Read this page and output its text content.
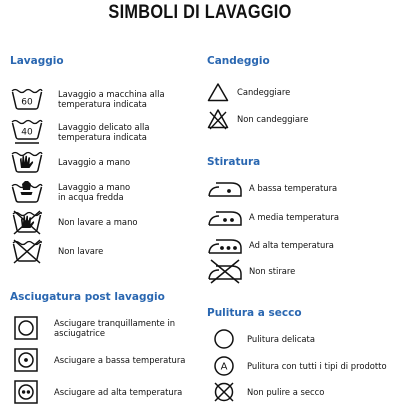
SIMBOLI DI LAVAGGIO
Lavaggio
60
Lavaggio a macchina alla
temperatura indicata
40
Lavaggio delicato alla
temperatura indicata
Lavaggio a mano
Lavaggio a mano
in acqua fredda
Non lavare a mano
Non lavare
Candeggio
Candeggiare
Non candeggiare
Stiratura
A bassa temperatura
A media temperatura
Ad alta temperatura
Non stirare
Asciugatura post lavaggio
Asciugare tranquillamente in
asciugatrice
Asciugare a bassa temperatura
Asciugare ad alta temperatura
Pulitura a secco
Pulitura delicata
A Pulitura con tutti i tipi di prodotto
Non pulire a secco
